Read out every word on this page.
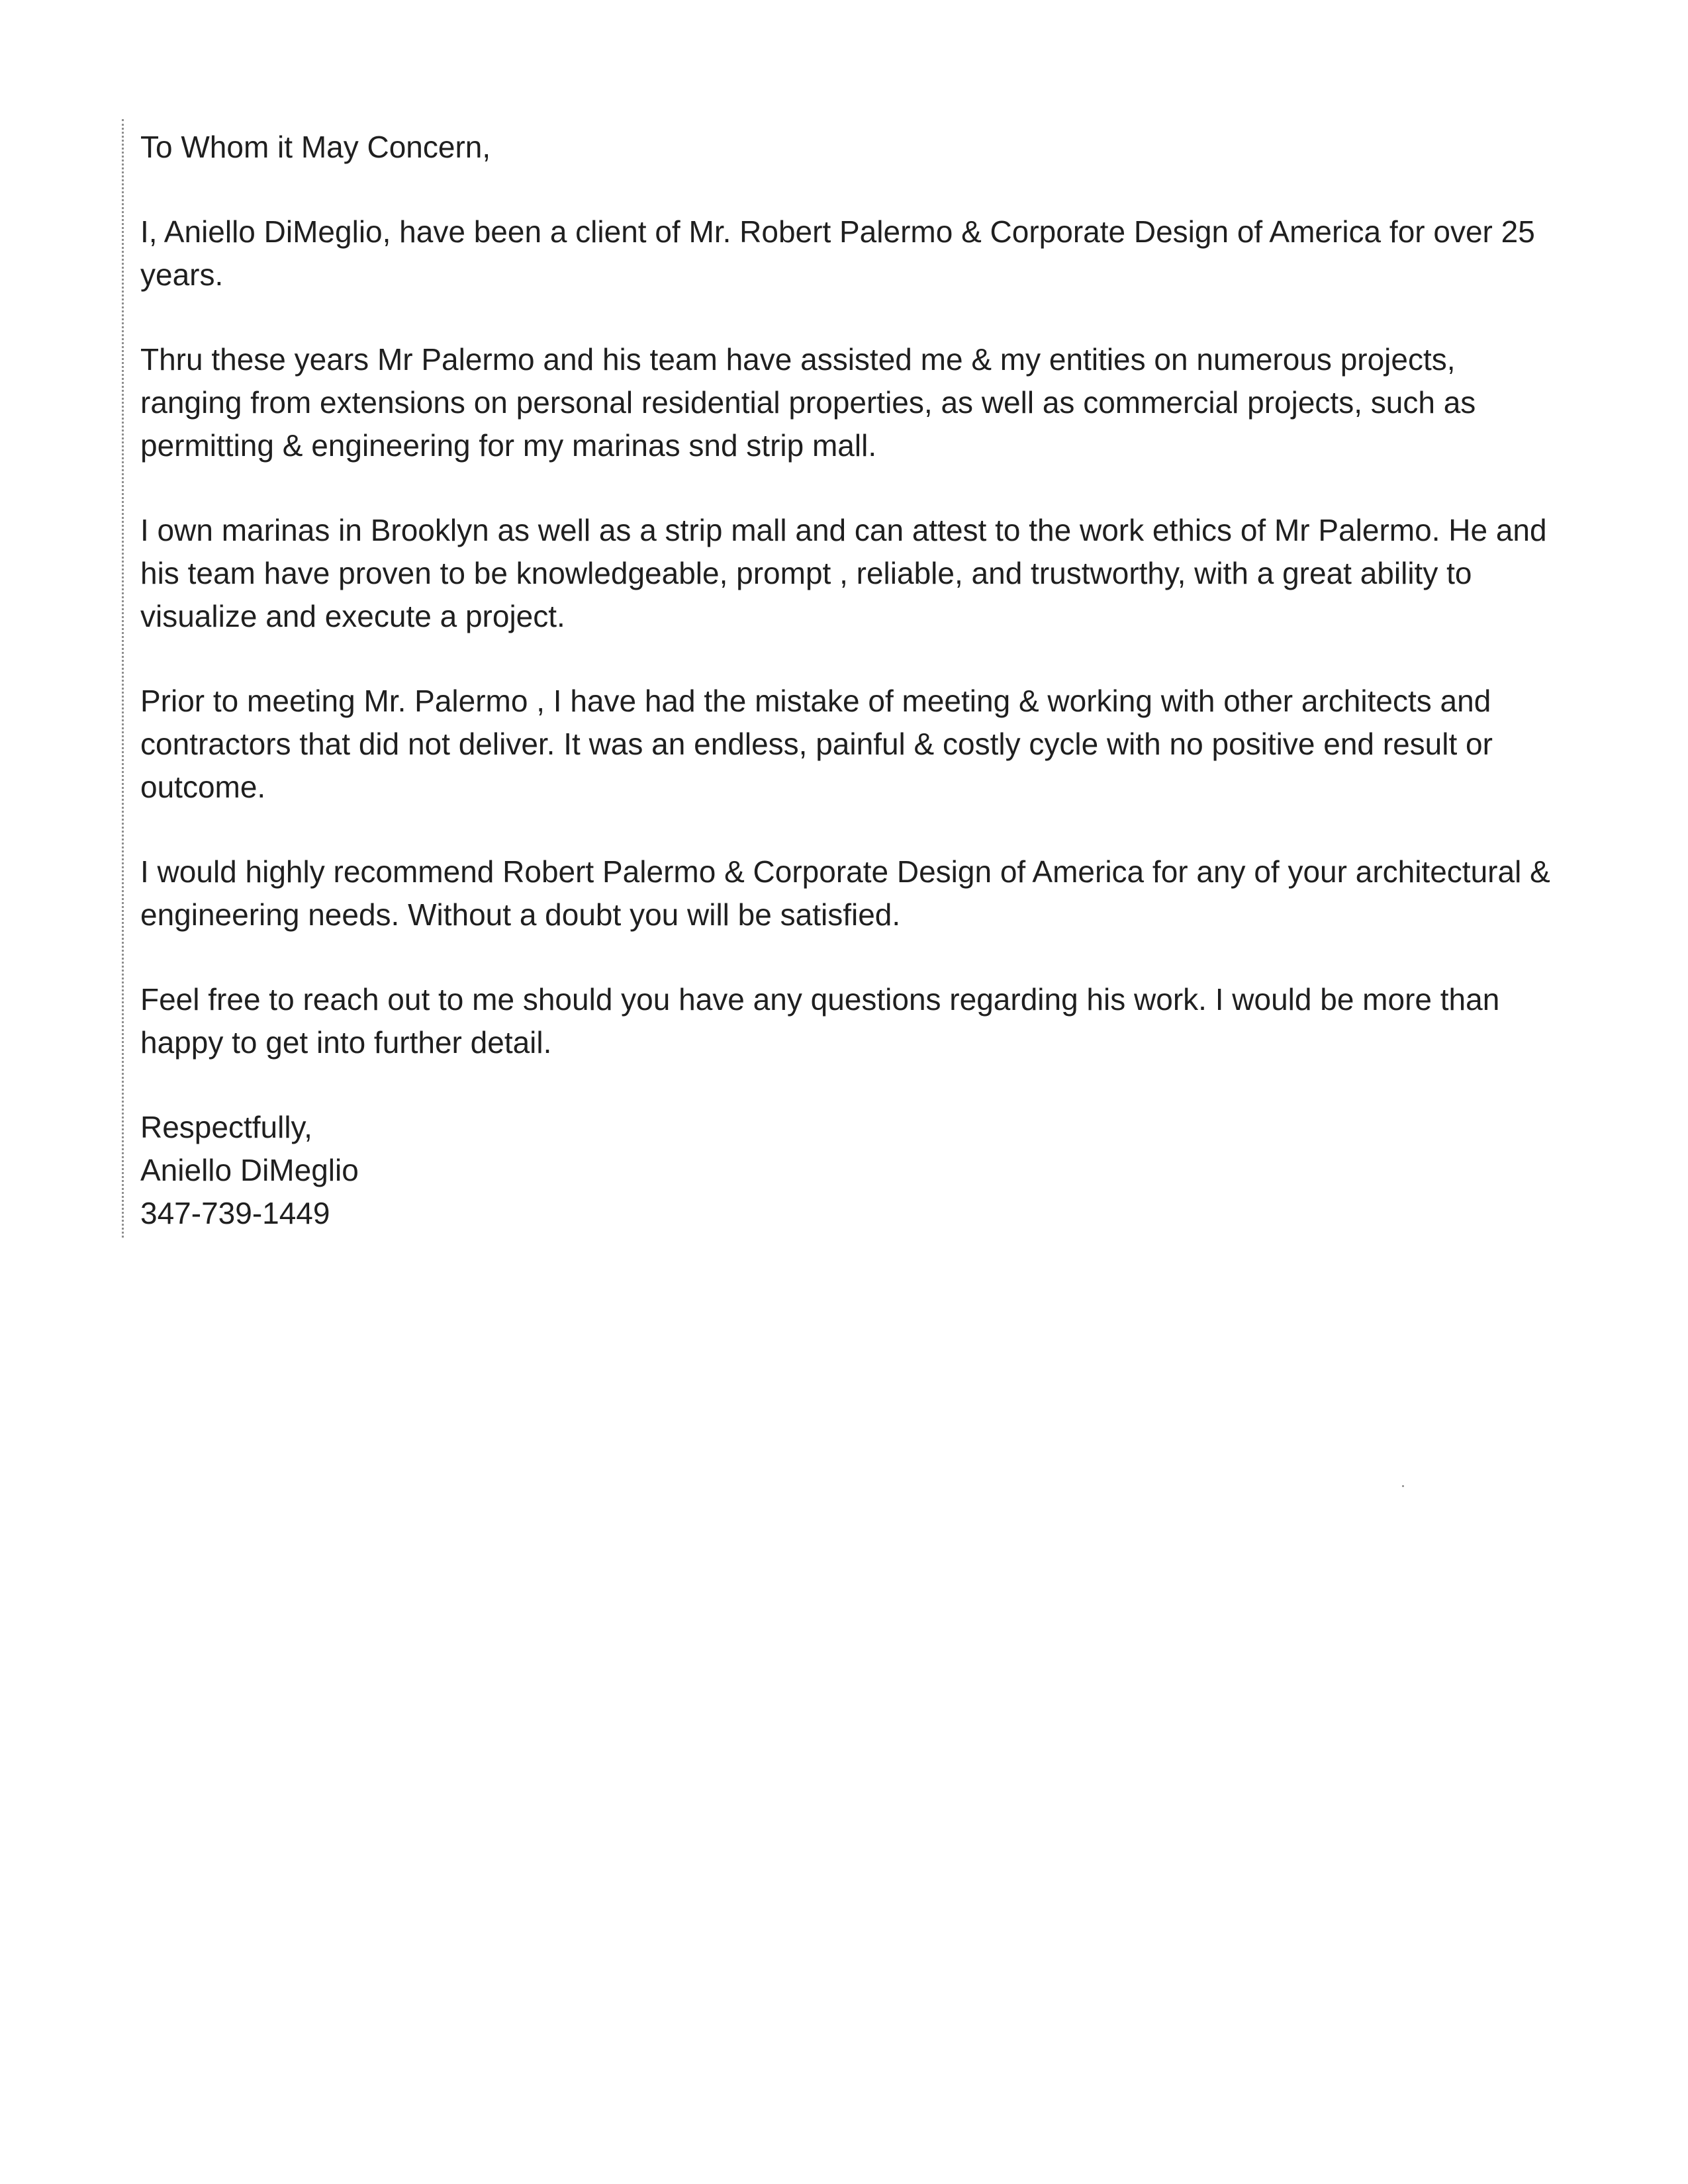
To Whom it May Concern,

I, Aniello DiMeglio, have been a client of Mr. Robert Palermo & Corporate Design of America for over 25 years.

Thru these years Mr Palermo and his team have assisted me & my entities on numerous projects, ranging from extensions on personal residential properties, as well as commercial projects, such as permitting & engineering for my marinas snd strip mall.

I own marinas in Brooklyn as well as a strip mall and can attest to the work ethics of Mr Palermo. He and his team have proven to be knowledgeable, prompt , reliable, and trustworthy, with a great ability to visualize and execute a project.

Prior to meeting Mr. Palermo , I have had the mistake of meeting & working with other architects and contractors that did not deliver. It was an endless, painful & costly cycle with no positive end result or outcome.

I would highly recommend Robert Palermo & Corporate Design of America for any of your architectural & engineering needs. Without a doubt you will be satisfied.

Feel free to reach out to me should you have any questions regarding his work. I would be more than happy to get into further detail.

Respectfully,
Aniello DiMeglio
347-739-1449
